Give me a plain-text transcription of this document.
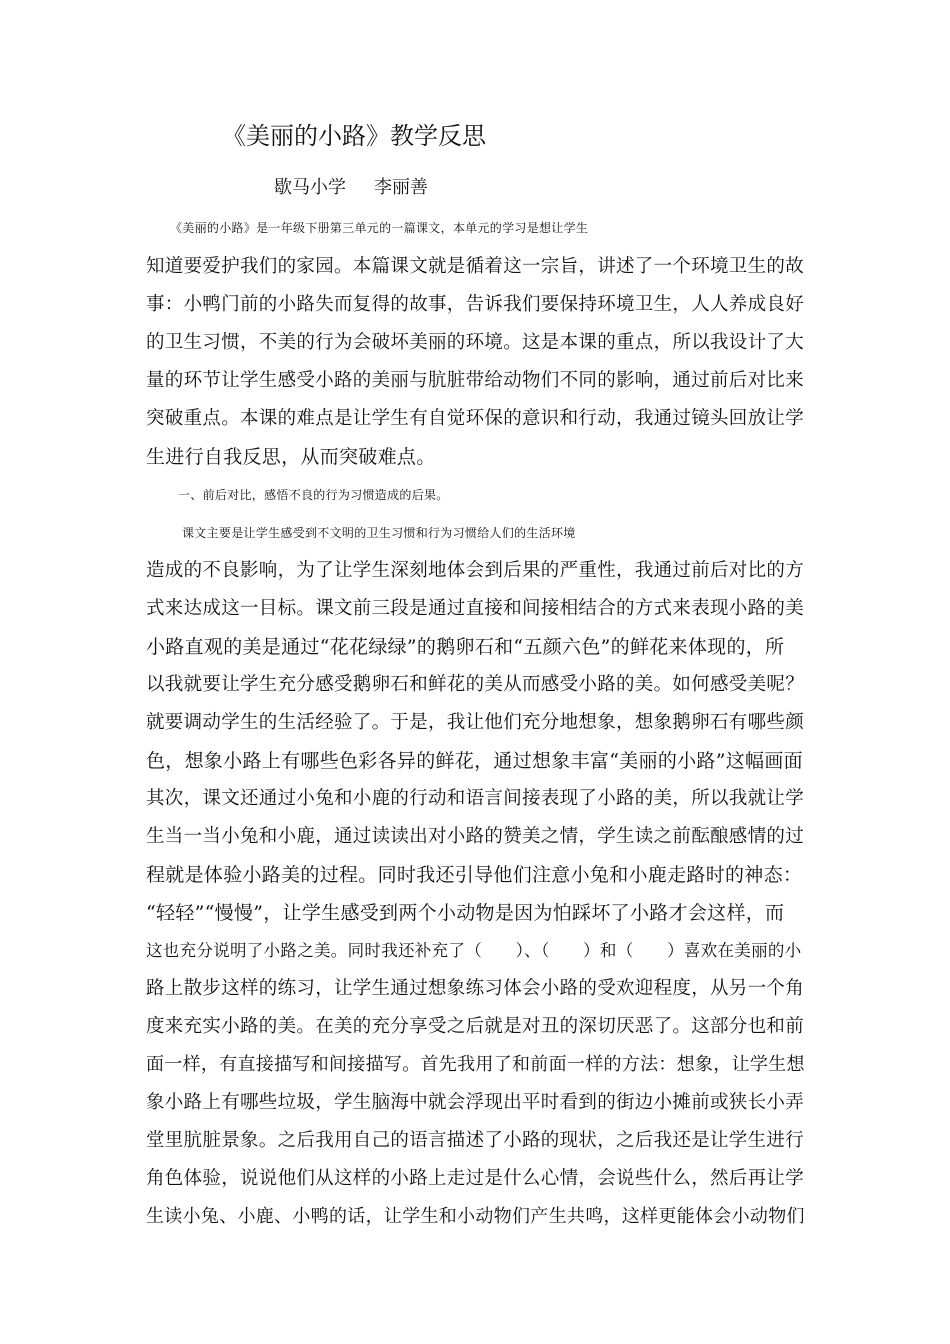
《美丽的小路》教学反思
歇马小学 李丽善
《美丽的小路》是一年级下册第三单元的一篇课文，本单元的学习是想让学生
知道要爱护我们的家园。本篇课文就是循着这一宗旨，讲述了一个环境卫生的故
事：小鸭门前的小路失而复得的故事，告诉我们要保持环境卫生，人人养成良好
的卫生习惯，不美的行为会破坏美丽的环境。这是本课的重点，所以我设计了大
量的环节让学生感受小路的美丽与肮脏带给动物们不同的影响，通过前后对比来
突破重点。本课的难点是让学生有自觉环保的意识和行动，我通过镜头回放让学
生进行自我反思，从而突破难点。
一、前后对比，感悟不良的行为习惯造成的后果。
课文主要是让学生感受到不文明的卫生习惯和行为习惯给人们的生活环境
造成的不良影响，为了让学生深刻地体会到后果的严重性，我通过前后对比的方
式来达成这一目标。课文前三段是通过直接和间接相结合的方式来表现小路的美
小路直观的美是通过“花花绿绿”的鹅卵石和“五颜六色”的鲜花来体现的，所
以我就要让学生充分感受鹅卵石和鲜花的美从而感受小路的美。如何感受美呢？
就要调动学生的生活经验了。于是，我让他们充分地想象，想象鹅卵石有哪些颜
色，想象小路上有哪些色彩各异的鲜花，通过想象丰富“美丽的小路”这幅画面
其次，课文还通过小兔和小鹿的行动和语言间接表现了小路的美，所以我就让学
生当一当小兔和小鹿，通过读读出对小路的赞美之情，学生读之前酝酿感情的过
程就是体验小路美的过程。同时我还引导他们注意小兔和小鹿走路时的神态：
“轻轻”“慢慢”，让学生感受到两个小动物是因为怕踩坏了小路才会这样，而
这也充分说明了小路之美。同时我还补充了（　　）、（　　）和（　　）喜欢在美丽的小
路上散步这样的练习，让学生通过想象练习体会小路的受欢迎程度，从另一个角
度来充实小路的美。在美的充分享受之后就是对丑的深切厌恶了。这部分也和前
面一样，有直接描写和间接描写。首先我用了和前面一样的方法：想象，让学生想
象小路上有哪些垃圾，学生脑海中就会浮现出平时看到的街边小摊前或狭长小弄
堂里肮脏景象。之后我用自己的语言描述了小路的现状，之后我还是让学生进行
角色体验，说说他们从这样的小路上走过是什么心情，会说些什么，然后再让学
生读小兔、小鹿、小鸭的话，让学生和小动物们产生共鸣，这样更能体会小动物们
